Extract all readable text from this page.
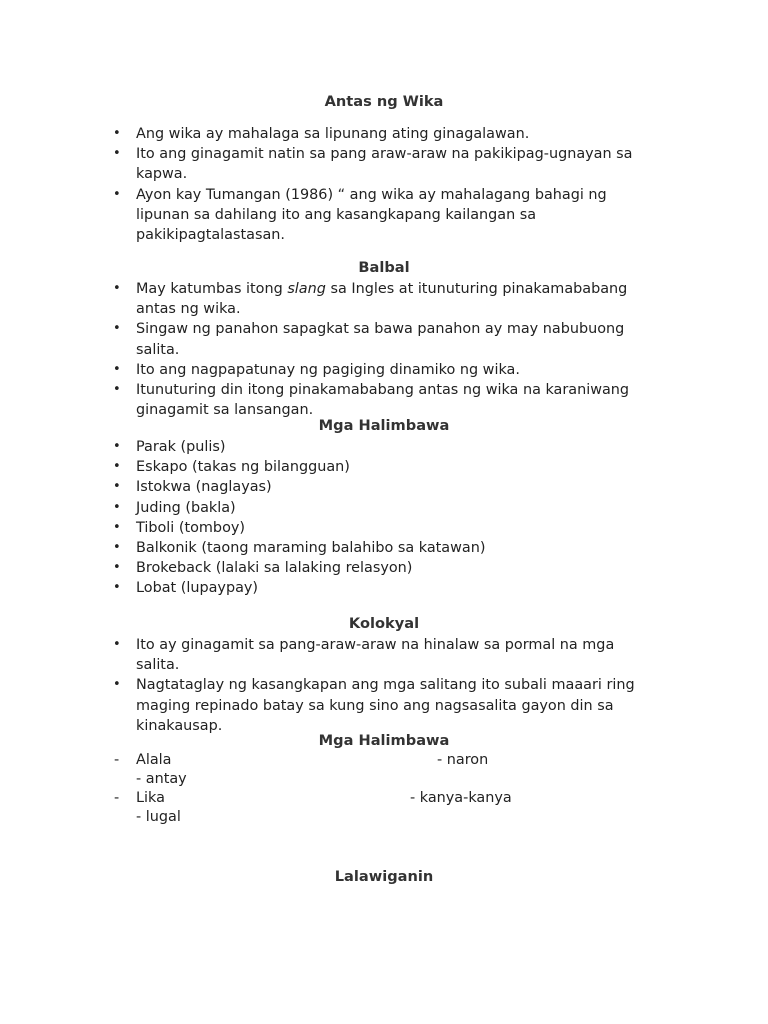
Antas ng Wika
• Ang wika ay mahalaga sa lipunang ating ginagalawan.
• Ito ang ginagamit natin sa pang araw-araw na pakikipag-ugnayan sa kapwa.
• Ayon kay Tumangan (1986) “ ang wika ay mahalagang bahagi ng lipunan sa dahilang ito ang kasangkapang kailangan sa pakikipagtalastasan.
Balbal
• May katumbas itong slang sa Ingles at itunuturing pinakamababang antas ng wika.
• Singaw ng panahon sapagkat sa bawa panahon ay may nabubuong salita.
• Ito ang nagpapatunay ng pagiging dinamiko ng wika.
• Itunuturing din itong pinakamababang antas ng wika na karaniwang ginagamit sa lansangan.
Mga Halimbawa
• Parak (pulis)
• Eskapo (takas ng bilangguan)
• Istokwa (naglayas)
• Juding (bakla)
• Tiboli (tomboy)
• Balkonik (taong maraming balahibo sa katawan)
• Brokeback (lalaki sa lalaking relasyon)
• Lobat (lupaypay)
Kolokyal
• Ito ay ginagamit sa pang-araw-araw na hinalaw sa pormal na mga salita.
• Nagtataglay ng kasangkapan ang mga salitang ito subali maaari ring maging repinado batay sa kung sino ang nagsasalita gayon din sa kinakausap.
Mga Halimbawa
- Alala	- naron
- antay
- Lika	- kanya-kanya
- lugal
Lalawiganin
